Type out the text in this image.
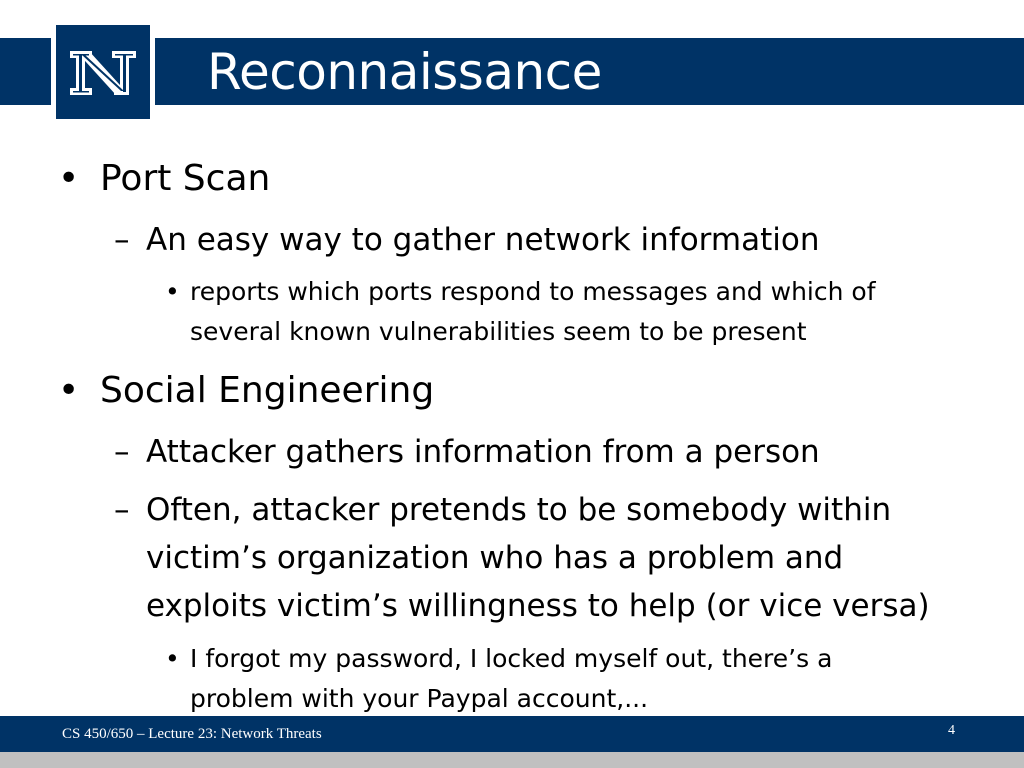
Reconnaissance
• Port Scan
– An easy way to gather network information
• reports which ports respond to messages and which of
several known vulnerabilities seem to be present
• Social Engineering
– Attacker gathers information from a person
– Often, attacker pretends to be somebody within
victim’s organization who has a problem and
exploits victim’s willingness to help (or vice versa)
• I forgot my password, I locked myself out, there’s a
problem with your Paypal account,...
CS 450/650 – Lecture 23: Network Threats	4
